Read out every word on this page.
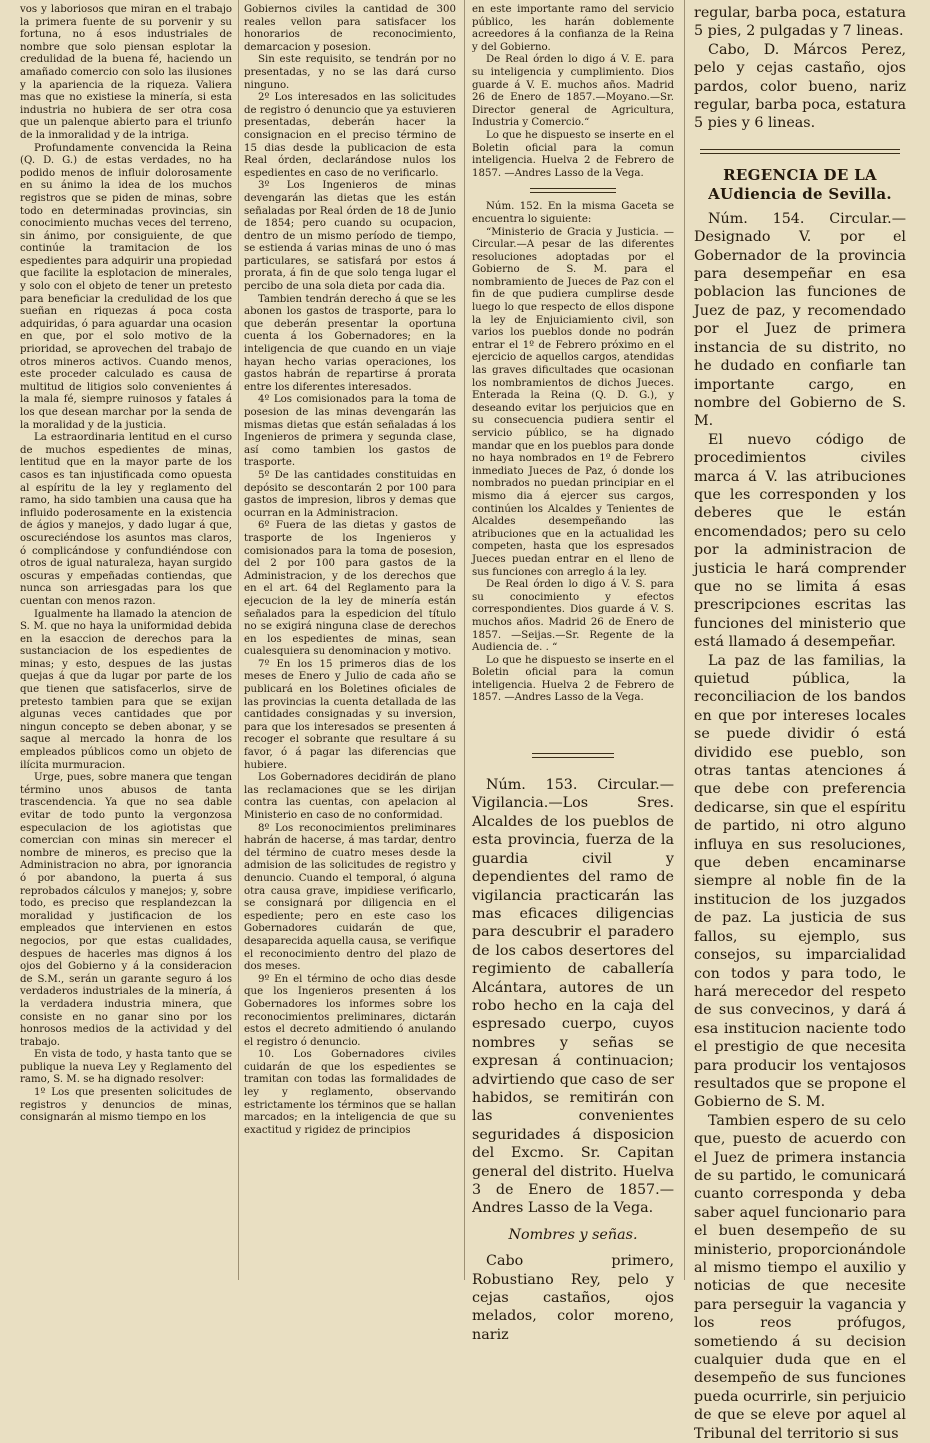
vos y laboriosos que miran en el trabajo la primera fuente de su porvenir y su fortuna, no á esos industriales de nombre que solo piensan esplotar la credulidad de la buena fé, haciendo un amañado comercio con solo las ilusiones y la apariencia de la riqueza. Valiera mas que no existiese la minería, si esta industria no hubiera de ser otra cosa que un palenque abierto para el triunfo de la inmoralidad y de la intriga.

Profundamente convencida la Reina (Q. D. G.) de estas verdades, no ha podido menos de influir dolorosamente en su ánimo la idea de los muchos registros que se piden de minas, sobre todo en determinadas provincias, sin conocimiento muchas veces del terreno, sin ánimo, por consiguiente, de que continúe la tramitacion de los espedientes para adquirir una propiedad que facilite la esplotacion de minerales, y solo con el objeto de tener un pretesto para beneficiar la credulidad de los que sueñan en riquezas á poca costa adquiridas, ó para aguardar una ocasion en que, por el solo motivo de la prioridad, se aprovechen del trabajo de otros mineros activos. Cuando menos, este proceder calculado es causa de multitud de litigios solo convenientes á la mala fé, siempre ruinosos y fatales á los que desean marchar por la senda de la moralidad y de la justicia.

La estraordinaria lentitud en el curso de muchos espedientes de minas, lentitud que en la mayor parte de los casos es tan injustificada como opuesta al espíritu de la ley y reglamento del ramo, ha sido tambien una causa que ha influido poderosamente en la existencia de ágios y manejos, y dado lugar á que, oscureciéndose los asuntos mas claros, ó complicándose y confundiéndose con otros de igual naturaleza, hayan surgido oscuras y empeñadas contiendas, que nunca son arriesgadas para los que cuentan con menos razon.

Igualmente ha llamado la atencion de S. M. que no haya la uniformidad debida en la esaccion de derechos para la sustanciacion de los espedientes de minas; y esto, despues de las justas quejas á que da lugar por parte de los que tienen que satisfacerlos, sirve de pretesto tambien para que se exijan algunas veces cantidades que por ningun concepto se deben abonar, y se saque al mercado la honra de los empleados públicos como un objeto de ilícita murmuracion.

Urge, pues, sobre manera que tengan término unos abusos de tanta trascendencia. Ya que no sea dable evitar de todo punto la vergonzosa especulacion de los agiotistas que comercian con minas sin merecer el nombre de mineros, es preciso que la Administracion no abra, por ignorancia ó por abandono, la puerta á sus reprobados cálculos y manejos; y, sobre todo, es preciso que resplandezcan la moralidad y justificacion de los empleados que intervienen en estos negocios, por que estas cualidades, despues de hacerles mas dignos á los ojos del Gobierno y á la consideracion de S.M., serán un garante seguro á los verdaderos industriales de la minería, á la verdadera industria minera, que consiste en no ganar sino por los honrosos medios de la actividad y del trabajo.

En vista de todo, y hasta tanto que se publique la nueva Ley y Reglamento del ramo, S. M. se ha dignado resolver:

1º Los que presenten solicitudes de registros y denuncios de minas, consignarán al mismo tiempo en los

Gobiernos civiles la cantidad de 300 reales vellon para satisfacer los honorarios de reconocimiento, demarcacion y posesion.

Sin este requisito, se tendrán por no presentadas, y no se las dará curso ninguno.

2º Los interesados en las solicitudes de registro ó denuncio que ya estuvieren presentadas, deberán hacer la consignacion en el preciso término de 15 dias desde la publicacion de esta Real órden, declarándose nulos los espedientes en caso de no verificarlo.

3º Los Ingenieros de minas devengarán las dietas que les están señaladas por Real órden de 18 de Junio de 1854; pero cuando su ocupacion, dentro de un mismo período de tiempo, se estienda á varias minas de uno ó mas particulares, se satisfará por estos á prorata, á fin de que solo tenga lugar el percibo de una sola dieta por cada dia.

Tambien tendrán derecho á que se les abonen los gastos de trasporte, para lo que deberán presentar la oportuna cuenta á los Gobernadores; en la inteligencia de que cuando en un viaje hayan hecho varias operaciones, los gastos habrán de repartirse á prorata entre los diferentes interesados.

4º Los comisionados para la toma de posesion de las minas devengarán las mismas dietas que están señaladas á los Ingenieros de primera y segunda clase, así como tambien los gastos de trasporte.

5º De las cantidades constituidas en depósito se descontarán 2 por 100 para gastos de impresion, libros y demas que ocurran en la Administracion.

6º Fuera de las dietas y gastos de trasporte de los Ingenieros y comisionados para la toma de posesion, del 2 por 100 para gastos de la Administracion, y de los derechos que en el art. 64 del Reglamento para la ejecucion de la ley de minería están señalados para la espedicion del título no se exigirá ninguna clase de derechos en los espedientes de minas, sean cualesquiera su denominacion y motivo.

7º En los 15 primeros dias de los meses de Enero y Julio de cada año se publicará en los Boletines oficiales de las provincias la cuenta detallada de las cantidades consignadas y su inversion, para que los interesados se presenten á recoger el sobrante que resultare á su favor, ó á pagar las diferencias que hubiere.

Los Gobernadores decidirán de plano las reclamaciones que se les dirijan contra las cuentas, con apelacion al Ministerio en caso de no conformidad.

8º Los reconocimientos preliminares habrán de hacerse, á mas tardar, dentro del término de cuatro meses desde la admision de las solicitudes de registro y denuncio. Cuando el temporal, ó alguna otra causa grave, impidiese verificarlo, se consignará por diligencia en el espediente; pero en este caso los Gobernadores cuidarán de que, desaparecida aquella causa, se verifique el reconocimiento dentro del plazo de dos meses.

9º En el término de ocho dias desde que los Ingenieros presenten á los Gobernadores los informes sobre los reconocimientos preliminares, dictarán estos el decreto admitiendo ó anulando el registro ó denuncio.

10. Los Gobernadores civiles cuidarán de que los espedientes se tramitan con todas las formalidades de ley y reglamento, observando estrictamente los términos que se hallan marcados; en la inteligencia de que su exactitud y rigidez de principios

en este importante ramo del servicio público, les harán doblemente acreedores á la confianza de la Reina y del Gobierno.

De Real órden lo digo á V. E. para su inteligencia y cumplimiento. Dios guarde á V. E. muchos años. Madrid 26 de Enero de 1857.—Moyano.—Sr. Director general de Agricultura, Industria y Comercio.“

Lo que he dispuesto se inserte en el Boletin oficial para la comun inteligencia. Huelva 2 de Febrero de 1857. —Andres Lasso de la Vega.

Núm. 152. En la misma Gaceta se encuentra lo siguiente:

“Ministerio de Gracia y Justicia. —Circular.—A pesar de las diferentes resoluciones adoptadas por el Gobierno de S. M. para el nombramiento de Jueces de Paz con el fin de que pudiera cumplirse desde luego lo que respecto de ellos dispone la ley de Enjuiciamiento civil, son varios los pueblos donde no podrán entrar el 1º de Febrero próximo en el ejercicio de aquellos cargos, atendidas las graves dificultades que ocasionan los nombramientos de dichos Jueces. Enterada la Reina (Q. D. G.), y deseando evitar los perjuicios que en su consecuencia pudiera sentir el servicio público, se ha dignado mandar que en los pueblos para donde no haya nombrados en 1º de Febrero inmediato Jueces de Paz, ó donde los nombrados no puedan principiar en el mismo dia á ejercer sus cargos, continúen los Alcaldes y Tenientes de Alcaldes desempeñando las atribuciones que en la actualidad les competen, hasta que los espresados Jueces puedan entrar en el lleno de sus funciones con arreglo á la ley.

De Real órden lo digo á V. S. para su conocimiento y efectos correspondientes. Dios guarde á V. S. muchos años. Madrid 26 de Enero de 1857. —Seijas.—Sr. Regente de la Audiencia de. . “

Lo que he dispuesto se inserte en el Boletin oficial para la comun inteligencia. Huelva 2 de Febrero de 1857. —Andres Lasso de la Vega.

Núm. 153. Circular.— Vigilancia.—Los Sres. Alcaldes de los pueblos de esta provincia, fuerza de la guardia civil y dependientes del ramo de vigilancia practicarán las mas eficaces diligencias para descubrir el paradero de los cabos desertores del regimiento de caballería Alcántara, autores de un robo hecho en la caja del espresado cuerpo, cuyos nombres y señas se expresan á continuacion; advirtiendo que caso de ser habidos, se remitirán con las convenientes seguridades á disposicion del Excmo. Sr. Capitan general del distrito. Huelva 3 de Enero de 1857.—Andres Lasso de la Vega.

Nombres y señas.

Cabo primero, Robustiano Rey, pelo y cejas castaños, ojos melados, color moreno, nariz

regular, barba poca, estatura 5 pies, 2 pulgadas y 7 lineas.

Cabo, D. Márcos Perez, pelo y cejas castaño, ojos pardos, color bueno, nariz regular, barba poca, estatura 5 pies y 6 lineas.

REGENCIA DE LA AUdiencia de Sevilla.

Núm. 154. Circular.—Designado V. por el Gobernador de la provincia para desempeñar en esa poblacion las funciones de Juez de paz, y recomendado por el Juez de primera instancia de su distrito, no he dudado en confiarle tan importante cargo, en nombre del Gobierno de S. M.

El nuevo código de procedimientos civiles marca á V. las atribuciones que les corresponden y los deberes que le están encomendados; pero su celo por la administracion de justicia le hará comprender que no se limita á esas prescripciones escritas las funciones del ministerio que está llamado á desempeñar.

La paz de las familias, la quietud pública, la reconciliacion de los bandos en que por intereses locales se puede dividir ó está dividido ese pueblo, son otras tantas atenciones á que debe con preferencia dedicarse, sin que el espíritu de partido, ni otro alguno influya en sus resoluciones, que deben encaminarse siempre al noble fin de la institucion de los juzgados de paz. La justicia de sus fallos, su ejemplo, sus consejos, su imparcialidad con todos y para todo, le hará merecedor del respeto de sus convecinos, y dará á esa institucion naciente todo el prestigio de que necesita para producir los ventajosos resultados que se propone el Gobierno de S. M.

Tambien espero de su celo que, puesto de acuerdo con el Juez de primera instancia de su partido, le comunicará cuanto corresponda y deba saber aquel funcionario para el buen desempeño de su ministerio, proporcionándole al mismo tiempo el auxilio y noticias de que necesite para perseguir la vagancia y los reos prófugos, sometiendo á su decision cualquier duda que en el desempeño de sus funciones pueda ocurrirle, sin perjuicio de que se eleve por aquel al Tribunal del territorio si sus
